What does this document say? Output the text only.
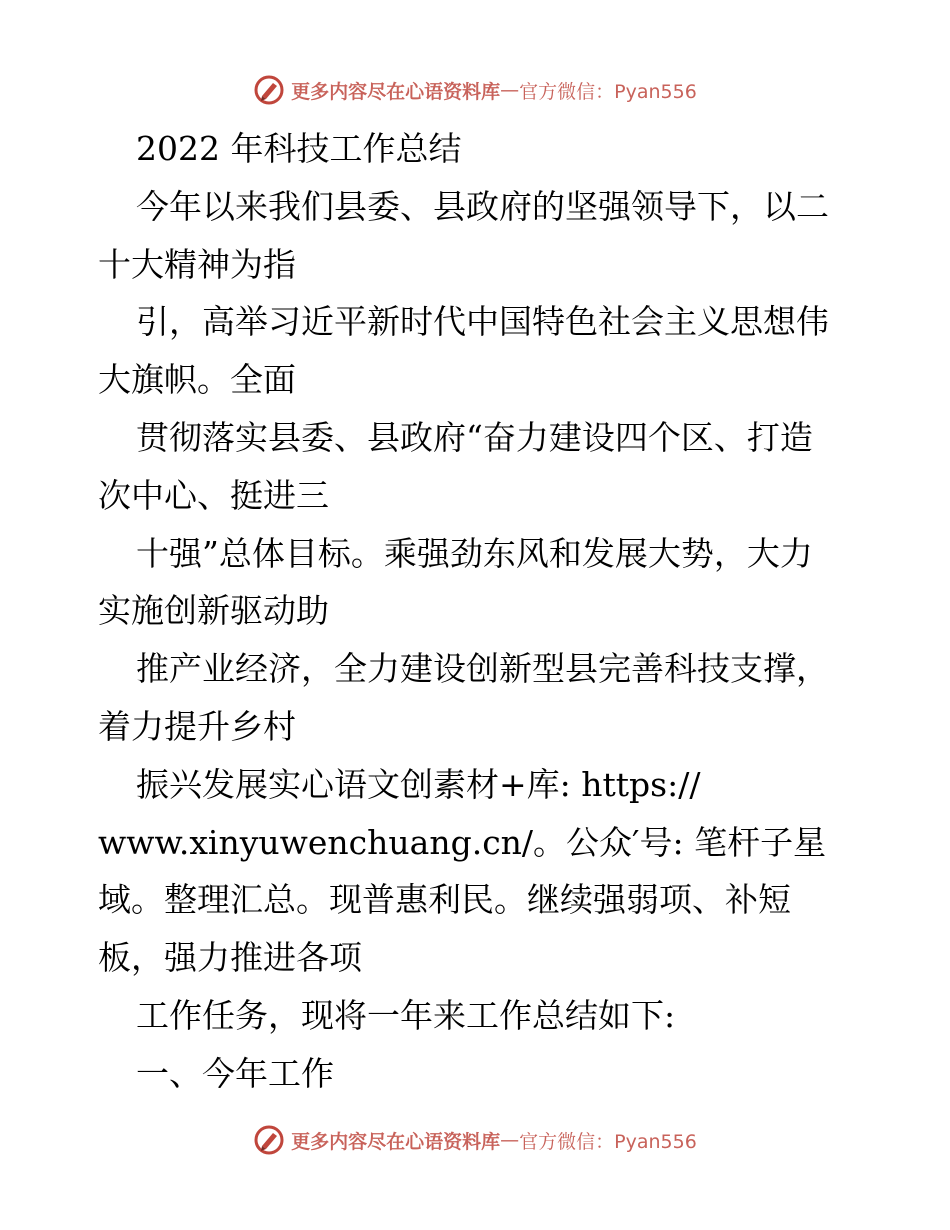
更多内容尽在心语资料库 — 官方微信：Pyan556
2022 年科技工作总结
今年以来我们县委、县政府的坚强领导下，以二
十大精神为指
引，高举习近平新时代中国特色社会主义思想伟
大旗帜。全面
贯彻落实县委、县政府“奋力建设四个区、打造
次中心、挺进三
十强”总体目标。乘强劲东风和发展大势，大力
实施创新驱动助
推产业经济，全力建设创新型县完善科技支撑，
着力提升乡村
振兴发展实心语文创素材+库: https://
www.xinyuwenchuang.cn/。公众′号: 笔杆子星
域。整理汇总。现普惠利民。继续强弱项、补短
板，强力推进各项
工作任务，现将一年来工作总结如下:
一、今年工作
更多内容尽在心语资料库 — 官方微信：Pyan556
